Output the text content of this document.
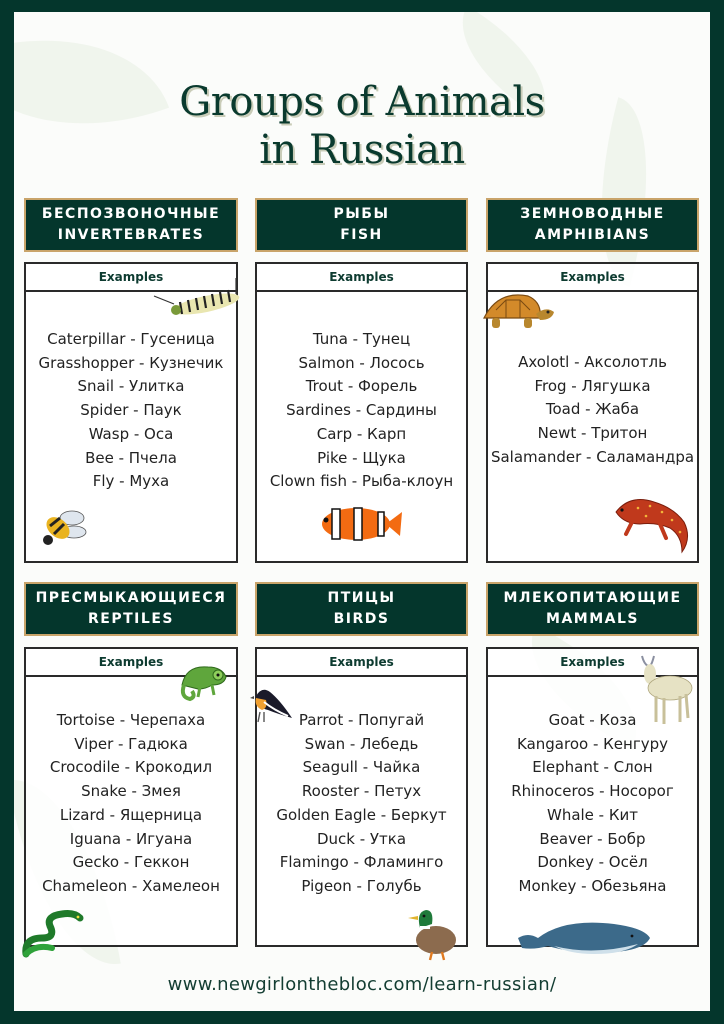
Groups of Animals
in Russian
БЕСПОЗВОНОЧНЫЕ
INVERTEBRATES
РЫБЫ
FISH
ЗЕМНОВОДНЫЕ
AMPHIBIANS
Examples
Caterpillar - Гусеница
Grasshopper - Кузнечик
Snail - Улитка
Spider - Паук
Wasp - Оса
Bee - Пчела
Fly - Муха
Examples
Tuna - Тунец
Salmon - Лосось
Trout - Форель
Sardines - Сардины
Carp - Карп
Pike - Щука
Clown fish - Рыба-клоун
Examples
Axolotl - Аксолотль
Frog - Лягушка
Toad - Жаба
Newt - Тритон
Salamander - Саламандра
ПРЕСМЫКАЮЩИЕСЯ
REPTILES
ПТИЦЫ
BIRDS
МЛЕКОПИТАЮЩИЕ
MAMMALS
Examples
Tortoise - Черепаха
Viper - Гадюка
Crocodile - Крокодил
Snake - Змея
Lizard - Ящерница
Iguana - Игуана
Gecko - Геккон
Chameleon - Хамелеон
Examples
Parrot - Попугай
Swan - Лебедь
Seagull - Чайка
Rooster - Петух
Golden Eagle - Беркут
Duck - Утка
Flamingo - Фламинго
Pigeon - Голубь
Examples
Goat - Коза
Kangaroo - Кенгуру
Elephant - Слон
Rhinoceros - Носорог
Whale - Кит
Beaver - Бобр
Donkey - Осёл
Monkey - Обезьяна
www.newgirlonthebloc.com/learn-russian/
